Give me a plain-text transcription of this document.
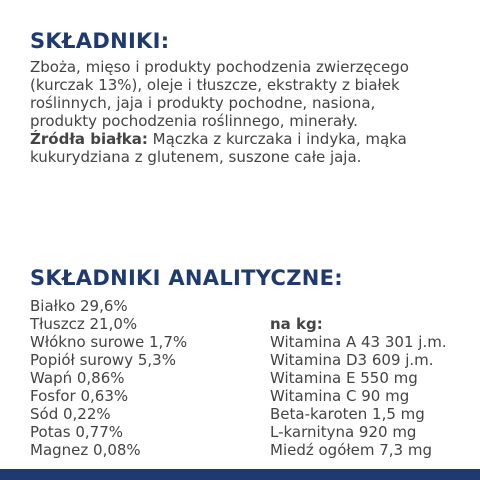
SKŁADNIKI:

Zboża, mięso i produkty pochodzenia zwierzęcego
(kurczak 13%), oleje i tłuszcze, ekstrakty z białek
roślinnych, jaja i produkty pochodne, nasiona,
produkty pochodzenia roślinnego, minerały.
Źródła białka: Mączka z kurczaka i indyka, mąka
kukurydziana z glutenem, suszone całe jaja.

SKŁADNIKI ANALITYCZNE:
Białko 29,6%
Tłuszcz 21,0%
Włókno surowe 1,7%
Popiół surowy 5,3%
Wapń 0,86%
Fosfor 0,63%
Sód 0,22%
Potas 0,77%
Magnez 0,08%
na kg:
Witamina A 43 301 j.m.
Witamina D3 609 j.m.
Witamina E 550 mg
Witamina C 90 mg
Beta-karoten 1,5 mg
L-karnityna 920 mg
Miedź ogółem 7,3 mg
